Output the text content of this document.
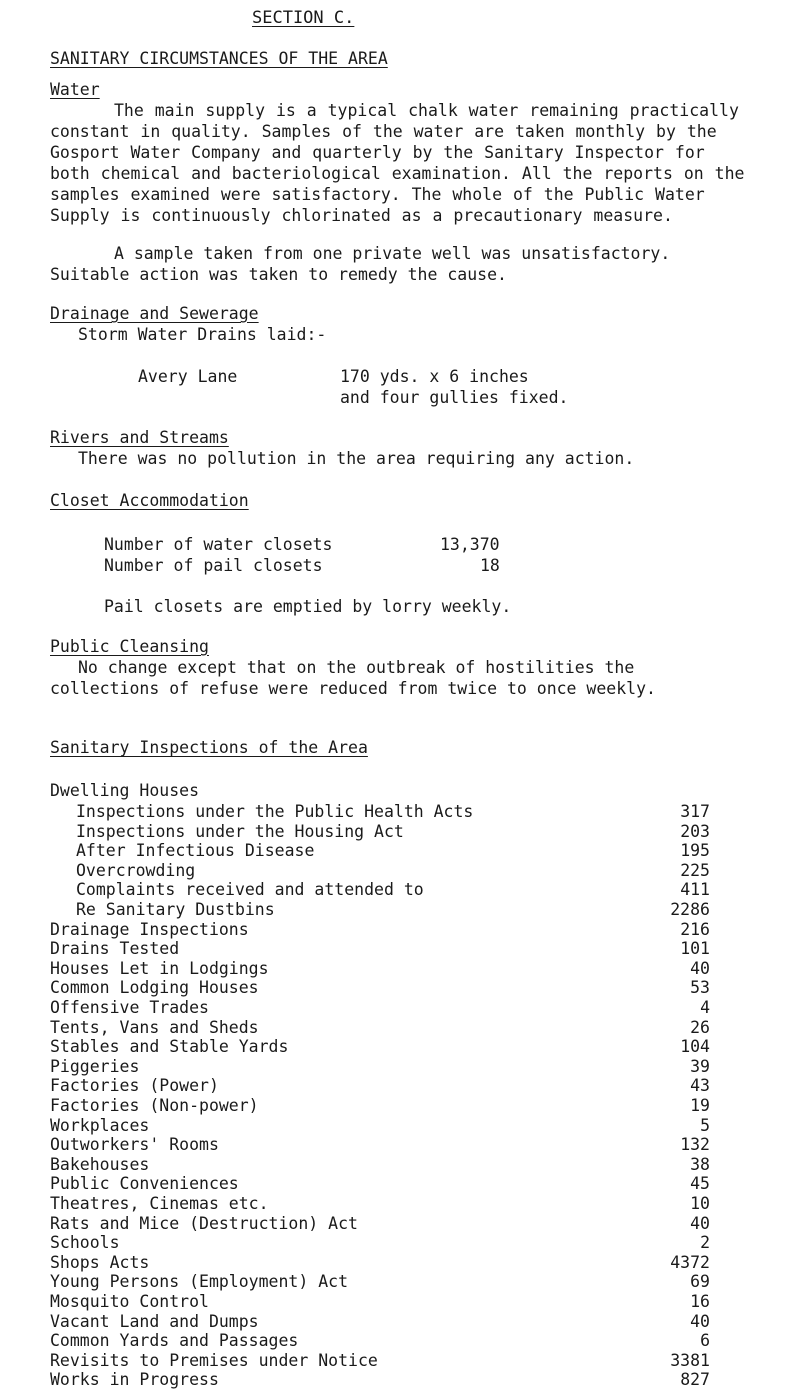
SECTION C.
SANITARY CIRCUMSTANCES OF THE AREA
Water
The main supply is a typical chalk water remaining practically constant in quality. Samples of the water are taken monthly by the Gosport Water Company and quarterly by the Sanitary Inspector for both chemical and bacteriological examination. All the reports on the samples examined were satisfactory. The whole of the Public Water Supply is continuously chlorinated as a precautionary measure.
A sample taken from one private well was unsatisfactory. Suitable action was taken to remedy the cause.
Drainage and Sewerage
Storm Water Drains laid:-
Avery Lane	170 yds. x 6 inches
and four gullies fixed.
Rivers and Streams
There was no pollution in the area requiring any action.
Closet Accommodation
Number of water closets	13,370
Number of pail closets	18
Pail closets are emptied by lorry weekly.
Public Cleansing
No change except that on the outbreak of hostilities the collections of refuse were reduced from twice to once weekly.
Sanitary Inspections of the Area
Dwelling Houses
Inspections under the Public Health Acts	317
Inspections under the Housing Act	203
After Infectious Disease	195
Overcrowding	225
Complaints received and attended to	411
Re Sanitary Dustbins	2286
Drainage Inspections	216
Drains Tested	101
Houses Let in Lodgings	40
Common Lodging Houses	53
Offensive Trades	4
Tents, Vans and Sheds	26
Stables and Stable Yards	104
Piggeries	39
Factories (Power)	43
Factories (Non-power)	19
Workplaces	5
Outworkers' Rooms	132
Bakehouses	38
Public Conveniences	45
Theatres, Cinemas etc.	10
Rats and Mice (Destruction) Act	40
Schools	2
Shops Acts	4372
Young Persons (Employment) Act	69
Mosquito Control	16
Vacant Land and Dumps	40
Common Yards and Passages	6
Revisits to Premises under Notice	3381
Works in Progress	827
